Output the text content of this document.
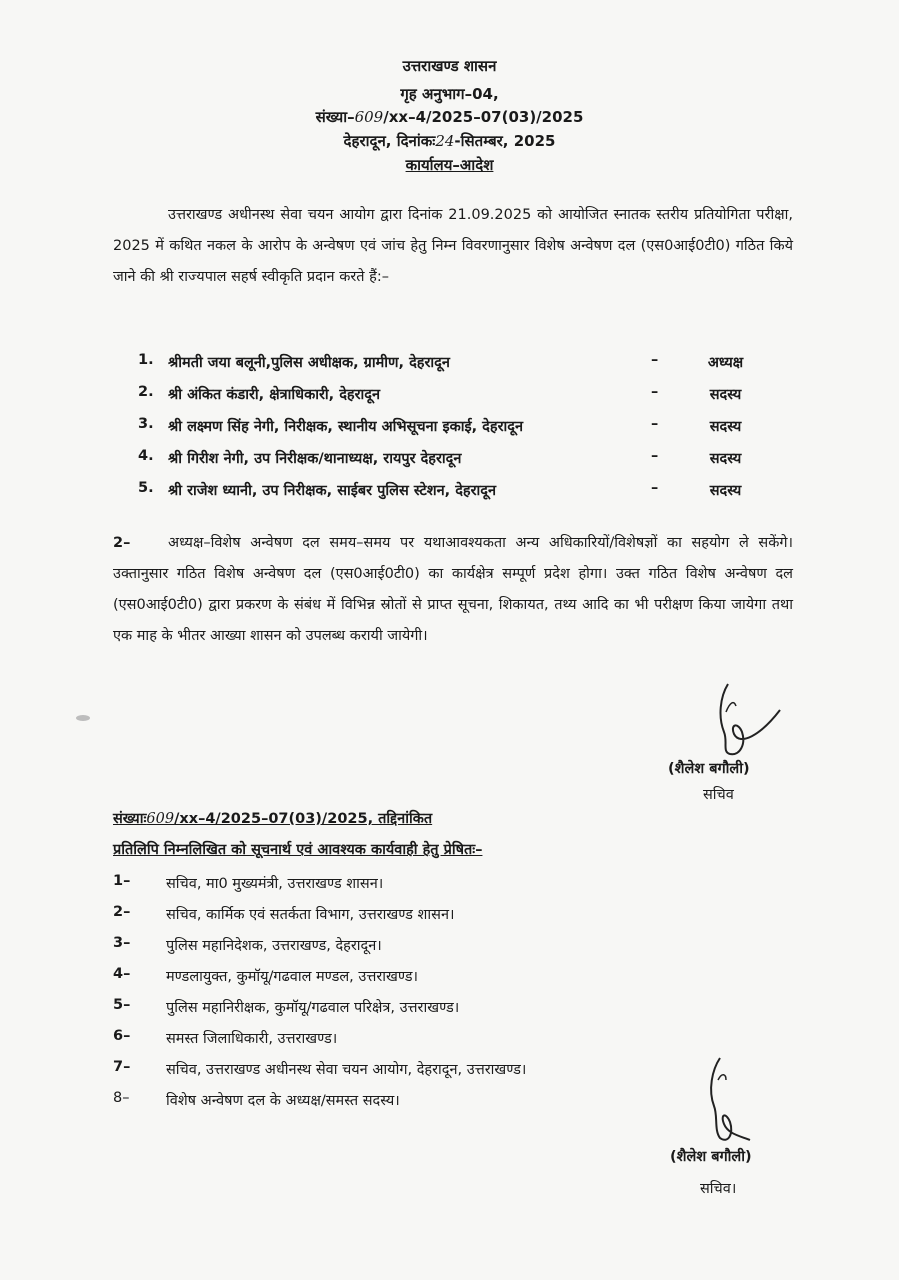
उत्तराखण्ड शासन
गृह अनुभाग–04,
संख्या–609/xx–4/2025–07(03)/2025
देहरादून, दिनांकः24-सितम्बर, 2025
कार्यालय–आदेश
उत्तराखण्ड अधीनस्थ सेवा चयन आयोग द्वारा दिनांक 21.09.2025 को आयोजित स्नातक स्तरीय प्रतियोगिता परीक्षा, 2025 में कथित नकल के आरोप के अन्वेषण एवं जांच हेतु निम्न विवरणानुसार विशेष अन्वेषण दल (एस0आई0टी0) गठित किये जाने की श्री राज्यपाल सहर्ष स्वीकृति प्रदान करते हैं:–
1. श्रीमती जया बलूनी,पुलिस अधीक्षक, ग्रामीण, देहरादून	–	अध्यक्ष
2. श्री अंकित कंडारी, क्षेत्राधिकारी, देहरादून	–	सदस्य
3. श्री लक्ष्मण सिंह नेगी, निरीक्षक, स्थानीय अभिसूचना इकाई, देहरादून	–	सदस्य
4. श्री गिरीश नेगी, उप निरीक्षक/थानाध्यक्ष, रायपुर देहरादून	–	सदस्य
5. श्री राजेश ध्यानी, उप निरीक्षक, साईबर पुलिस स्टेशन, देहरादून	–	सदस्य
2–	अध्यक्ष–विशेष अन्वेषण दल समय–समय पर यथाआवश्यकता अन्य अधिकारियों/विशेषज्ञों का सहयोग ले सकेंगे। उक्तानुसार गठित विशेष अन्वेषण दल (एस0आई0टी0) का कार्यक्षेत्र सम्पूर्ण प्रदेश होगा। उक्त गठित विशेष अन्वेषण दल (एस0आई0टी0) द्वारा प्रकरण के संबंध में विभिन्न स्रोतों से प्राप्त सूचना, शिकायत, तथ्य आदि का भी परीक्षण किया जायेगा तथा एक माह के भीतर आख्या शासन को उपलब्ध करायी जायेगी।
(शैलेश बगौली)
सचिव
संख्याः609/xx–4/2025–07(03)/2025, तद्दिनांकित
प्रतिलिपि निम्नलिखित को सूचनार्थ एवं आवश्यक कार्यवाही हेतु प्रेषितः–
1– सचिव, मा0 मुख्यमंत्री, उत्तराखण्ड शासन।
2– सचिव, कार्मिक एवं सतर्कता विभाग, उत्तराखण्ड शासन।
3– पुलिस महानिदेशक, उत्तराखण्ड, देहरादून।
4– मण्डलायुक्त, कुमॉयू/गढवाल मण्डल, उत्तराखण्ड।
5– पुलिस महानिरीक्षक, कुमॉयू/गढवाल परिक्षेत्र, उत्तराखण्ड।
6– समस्त जिलाधिकारी, उत्तराखण्ड।
7– सचिव, उत्तराखण्ड अधीनस्थ सेवा चयन आयोग, देहरादून, उत्तराखण्ड।
8–	विशेष अन्वेषण दल के अध्यक्ष/समस्त सदस्य।
(शैलेश बगौली)
सचिव।
